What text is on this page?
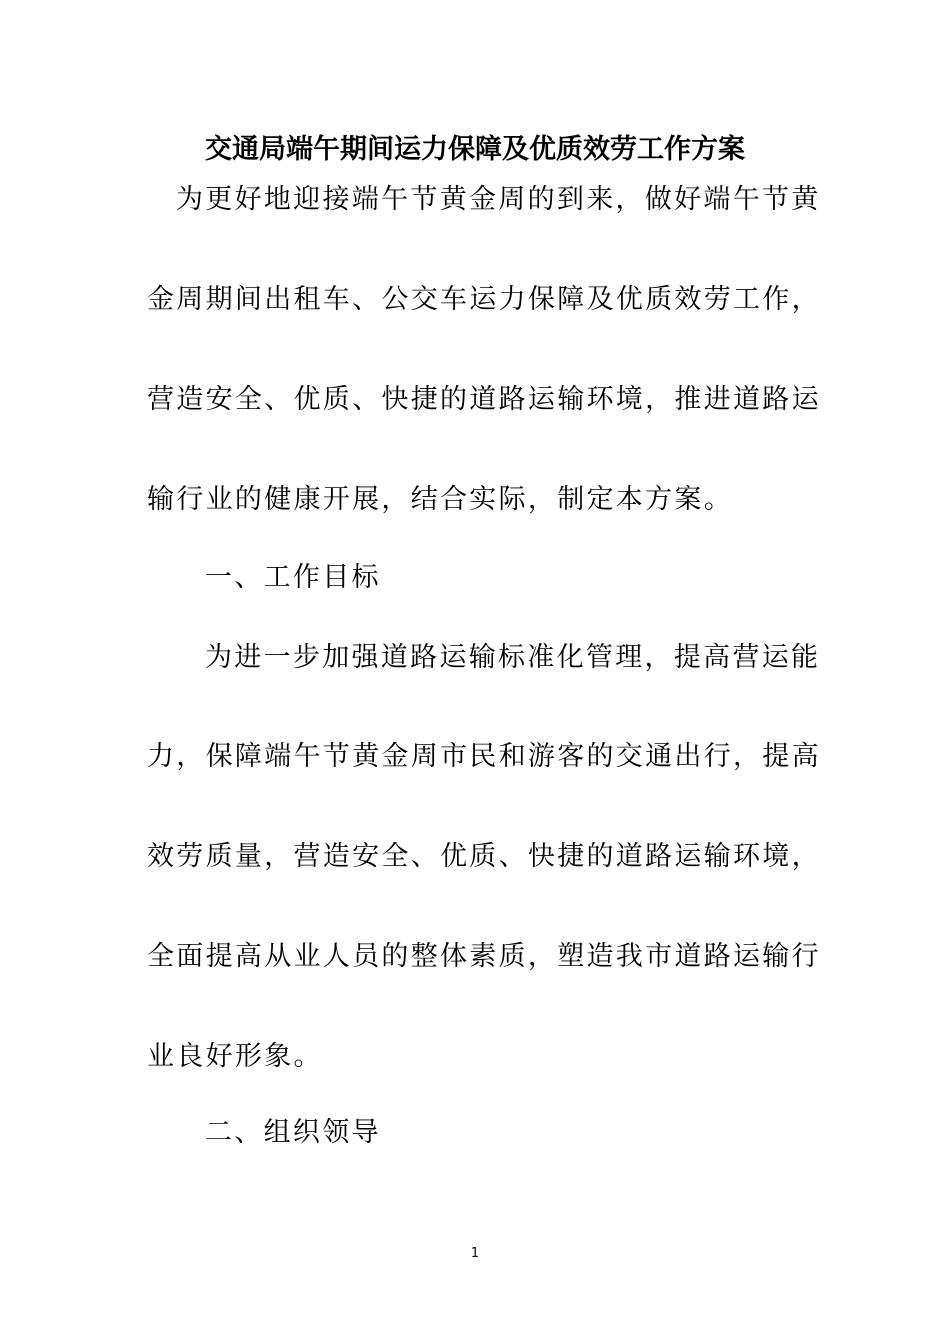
交通局端午期间运力保障及优质效劳工作方案
为更好地迎接端午节黄金周的到来，做好端午节黄
金周期间出租车、公交车运力保障及优质效劳工作，
营造安全、优质、快捷的道路运输环境，推进道路运
输行业的健康开展，结合实际，制定本方案。
一、工作目标
为进一步加强道路运输标准化管理，提高营运能
力，保障端午节黄金周市民和游客的交通出行，提高
效劳质量，营造安全、优质、快捷的道路运输环境，
全面提高从业人员的整体素质，塑造我市道路运输行
业良好形象。
二、组织领导
1
